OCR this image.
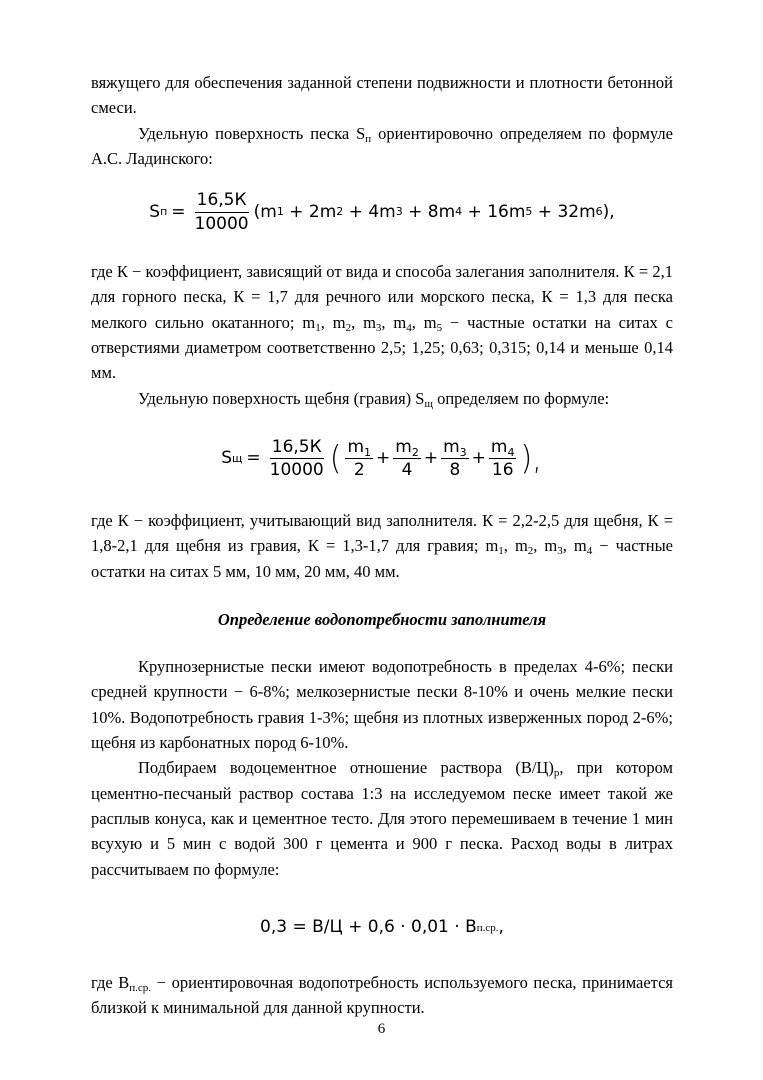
вяжущего для обеспечения заданной степени подвижности и плотности бетонной смеси.

Удельную поверхность песка $S_п$ ориентировочно определяем по формуле А.С. Ладинского:

S $п = \frac{16,5К}{10000} (m$ 1 + 2m 2 + 4m 3 + 8m 4 + 16m 5 + 32m 6 ),

где К − коэффициент, зависящий от вида и способа залегания заполнителя. К = 2,1 для горного песка, К = 1,7 для речного или морского песка, К = 1,3 для песка мелкого сильно окатанного; $m_1$, $m_2$, $m_3$, $m_4$, $m_5$ − частные остатки на ситах с отверстиями диаметром соответственно 2,5; 1,25; 0,63; 0,315; 0,14 и меньше 0,14 мм.

Удельную поверхность щебня (гравия) $S_щ$ определяем по формуле:

S $щ = \frac{16,5К}{10000}$ ( $\frac{m_1}{2} + \frac{m_2}{4} + \frac{m_3}{8} + \frac{m_4}{16}$ ),

где К − коэффициент, учитывающий вид заполнителя. К = 2,2-2,5 для щебня, К = 1,8-2,1 для щебня из гравия, К = 1,3-1,7 для гравия; $m_1$, $m_2$, $m_3$, $m_4$ − частные остатки на ситах 5 мм, 10 мм, 20 мм, 40 мм.

Определение водопотребности заполнителя

Крупнозернистые пески имеют водопотребность в пределах 4-6%; пески средней крупности − 6-8%; мелкозернистые пески 8-10% и очень мелкие пески 10%. Водопотребность гравия 1-3%; щебня из плотных изверженных пород 2-6%; щебня из карбонатных пород 6-10%.

Подбираем водоцементное отношение раствора $(В/Ц)_р$, при котором цементно-песчаный раствор состава 1:3 на исследуемом песке имеет такой же расплыв конуса, как и цементное тесто. Для этого перемешиваем в течение 1 мин всухую и 5 мин с водой 300 г цемента и 900 г песка. Расход воды в литрах рассчитываем по формуле:

0,3 = В/Ц + 0,6 · 0,01 · В п.ср. ,

где $В_{п.ср.}$ − ориентировочная водопотребность используемого песка, принимается близкой к минимальной для данной крупности.

6
